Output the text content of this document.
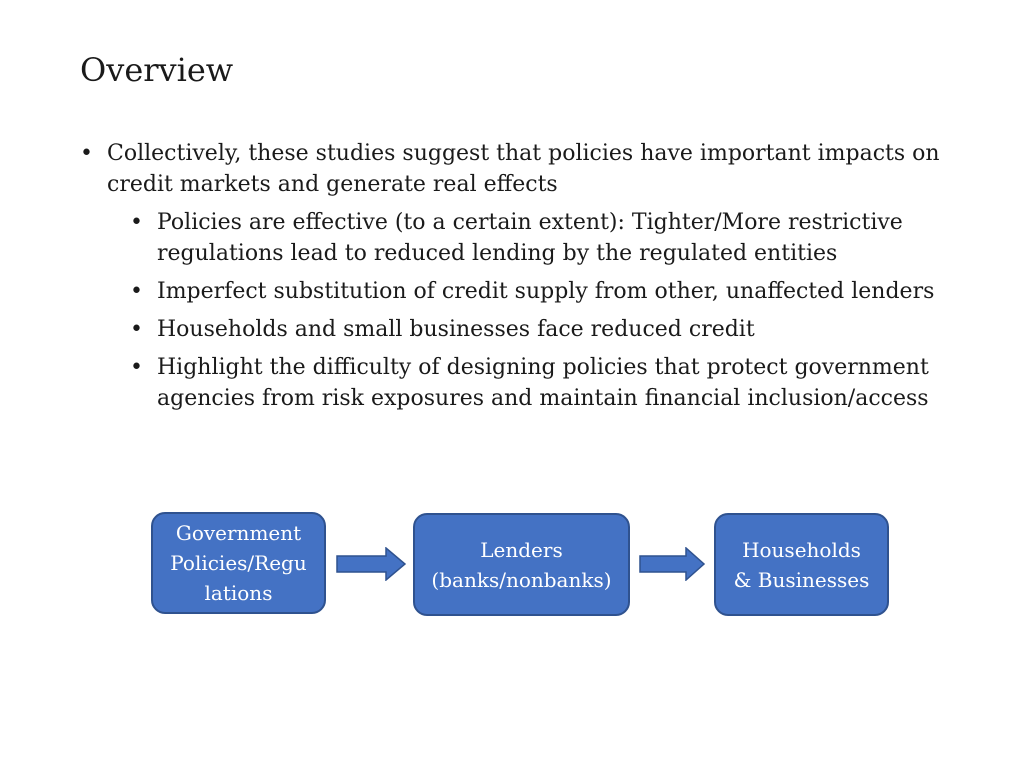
Overview
• Collectively, these studies suggest that policies have important impacts on credit markets and generate real effects
• Policies are effective (to a certain extent): Tighter/More restrictive regulations lead to reduced lending by the regulated entities
• Imperfect substitution of credit supply from other, unaffected lenders
• Households and small businesses face reduced credit
• Highlight the difficulty of designing policies that protect government agencies from risk exposures and maintain financial inclusion/access
Government
Policies/Regu
lations
Lenders
(banks/nonbanks)
Households
& Businesses
